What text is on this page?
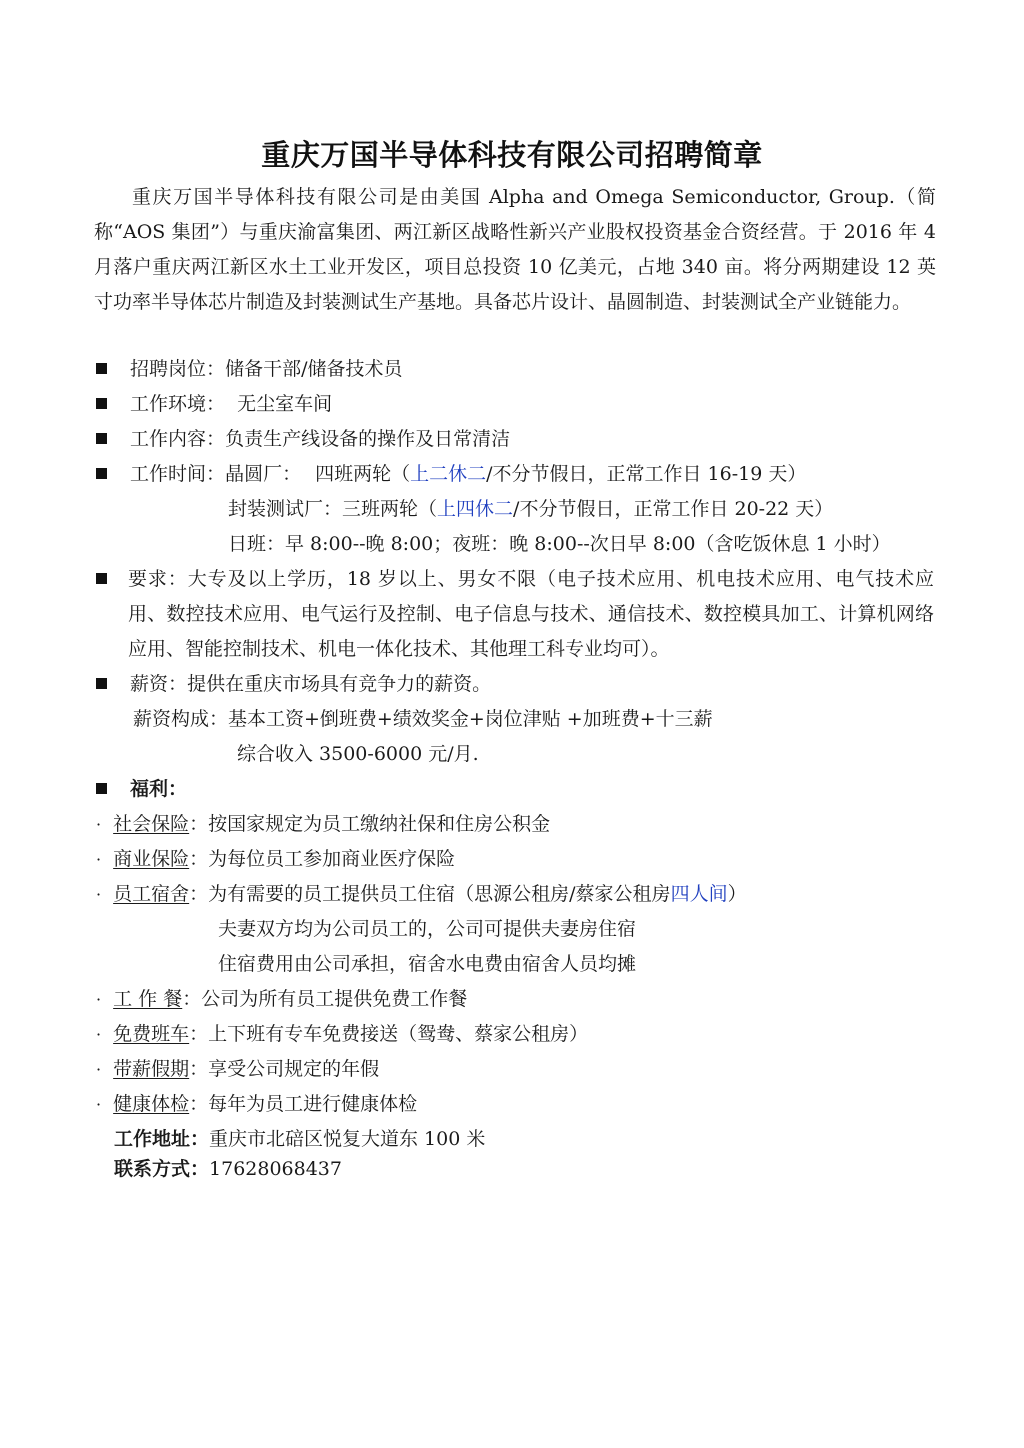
重庆万国半导体科技有限公司招聘简章

重庆万国半导体科技有限公司是由美国 Alpha and Omega Semiconductor, Group.（简称“AOS 集团”）与重庆渝富集团、两江新区战略性新兴产业股权投资基金合资经营。于 2016 年 4 月落户重庆两江新区水土工业开发区，项目总投资 10 亿美元，占地 340 亩。将分两期建设 12 英寸功率半导体芯片制造及封装测试生产基地。具备芯片设计、晶圆制造、封装测试全产业链能力。

招聘岗位：储备干部/储备技术员
工作环境： 无尘室车间
工作内容：负责生产线设备的操作及日常清洁
工作时间：晶圆厂： 四班两轮（上二休二/不分节假日，正常工作日 16-19 天）
封装测试厂：三班两轮（上四休二/不分节假日，正常工作日 20-22 天）
日班：早 8:00--晚 8:00；夜班：晚 8:00--次日早 8:00（含吃饭休息 1 小时）

要求：大专及以上学历，18 岁以上、男女不限（电子技术应用、机电技术应用、电气技术应用、数控技术应用、电气运行及控制、电子信息与技术、通信技术、数控模具加工、计算机网络应用、智能控制技术、机电一体化技术、其他理工科专业均可）。

薪资：提供在重庆市场具有竞争力的薪资。
薪资构成：基本工资+倒班费+绩效奖金+岗位津贴 +加班费+十三薪
综合收入 3500-6000 元/月.
福利：
· 社会保险：按国家规定为员工缴纳社保和住房公积金
· 商业保险：为每位员工参加商业医疗保险
· 员工宿舍：为有需要的员工提供员工住宿（思源公租房/蔡家公租房四人间）
夫妻双方均为公司员工的，公司可提供夫妻房住宿
住宿费用由公司承担，宿舍水电费由宿舍人员均摊
· 工 作 餐：公司为所有员工提供免费工作餐
· 免费班车：上下班有专车免费接送（鸳鸯、蔡家公租房）
· 带薪假期：享受公司规定的年假
· 健康体检：每年为员工进行健康体检
工作地址：重庆市北碚区悦复大道东 100 米
联系方式：17628068437
